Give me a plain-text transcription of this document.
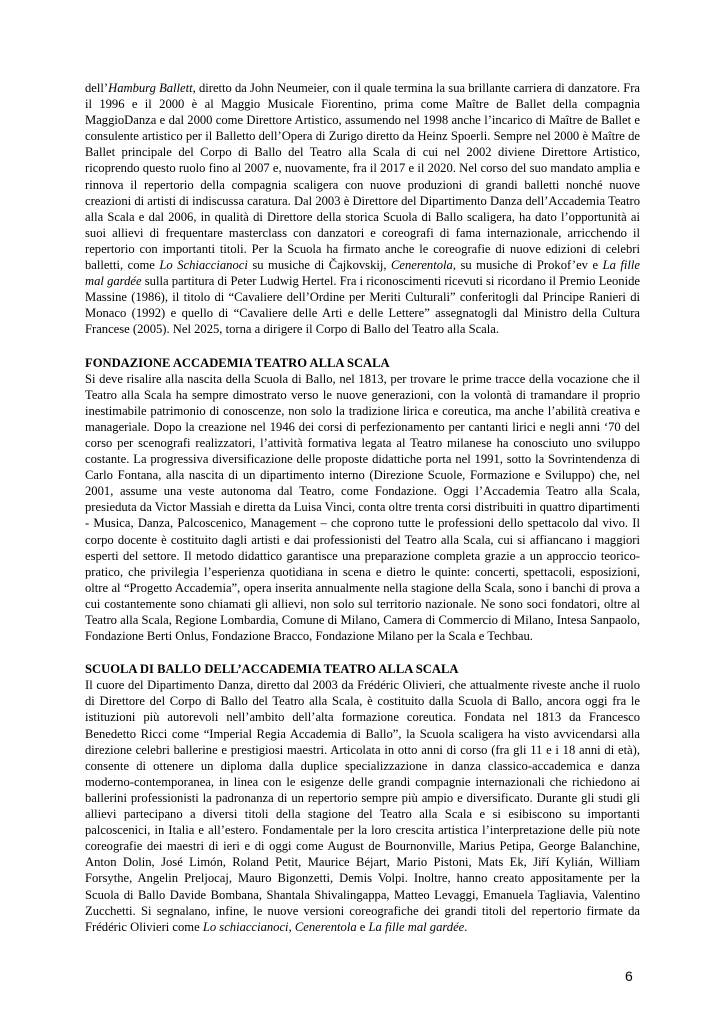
dell’Hamburg Ballett, diretto da John Neumeier, con il quale termina la sua brillante carriera di danzatore. Fra il 1996 e il 2000 è al Maggio Musicale Fiorentino, prima come Maître de Ballet della compagnia MaggioDanza e dal 2000 come Direttore Artistico, assumendo nel 1998 anche l’incarico di Maître de Ballet e consulente artistico per il Balletto dell’Opera di Zurigo diretto da Heinz Spoerli. Sempre nel 2000 è Maître de Ballet principale del Corpo di Ballo del Teatro alla Scala di cui nel 2002 diviene Direttore Artistico, ricoprendo questo ruolo fino al 2007 e, nuovamente, fra il 2017 e il 2020. Nel corso del suo mandato amplia e rinnova il repertorio della compagnia scaligera con nuove produzioni di grandi balletti nonché nuove creazioni di artisti di indiscussa caratura. Dal 2003 è Direttore del Dipartimento Danza dell’Accademia Teatro alla Scala e dal 2006, in qualità di Direttore della storica Scuola di Ballo scaligera, ha dato l’opportunità ai suoi allievi di frequentare masterclass con danzatori e coreografi di fama internazionale, arricchendo il repertorio con importanti titoli. Per la Scuola ha firmato anche le coreografie di nuove edizioni di celebri balletti, come Lo Schiaccianoci su musiche di Čajkovskij, Cenerentola, su musiche di Prokof’ev e La fille mal gardée sulla partitura di Peter Ludwig Hertel. Fra i riconoscimenti ricevuti si ricordano il Premio Leonide Massine (1986), il titolo di “Cavaliere dell’Ordine per Meriti Culturali” conferitogli dal Principe Ranieri di Monaco (1992) e quello di “Cavaliere delle Arti e delle Lettere” assegnatogli dal Ministro della Cultura Francese (2005). Nel 2025, torna a dirigere il Corpo di Ballo del Teatro alla Scala.

FONDAZIONE ACCADEMIA TEATRO ALLA SCALA

Si deve risalire alla nascita della Scuola di Ballo, nel 1813, per trovare le prime tracce della vocazione che il Teatro alla Scala ha sempre dimostrato verso le nuove generazioni, con la volontà di tramandare il proprio inestimabile patrimonio di conoscenze, non solo la tradizione lirica e coreutica, ma anche l’abilità creativa e manageriale. Dopo la creazione nel 1946 dei corsi di perfezionamento per cantanti lirici e negli anni ‘70 del corso per scenografi realizzatori, l’attività formativa legata al Teatro milanese ha conosciuto uno sviluppo costante. La progressiva diversificazione delle proposte didattiche porta nel 1991, sotto la Sovrintendenza di Carlo Fontana, alla nascita di un dipartimento interno (Direzione Scuole, Formazione e Sviluppo) che, nel 2001, assume una veste autonoma dal Teatro, come Fondazione. Oggi l’Accademia Teatro alla Scala, presieduta da Victor Massiah e diretta da Luisa Vinci, conta oltre trenta corsi distribuiti in quattro dipartimenti - Musica, Danza, Palcoscenico, Management – che coprono tutte le professioni dello spettacolo dal vivo. Il corpo docente è costituito dagli artisti e dai professionisti del Teatro alla Scala, cui si affiancano i maggiori esperti del settore. Il metodo didattico garantisce una preparazione completa grazie a un approccio teorico-pratico, che privilegia l’esperienza quotidiana in scena e dietro le quinte: concerti, spettacoli, esposizioni, oltre al “Progetto Accademia”, opera inserita annualmente nella stagione della Scala, sono i banchi di prova a cui costantemente sono chiamati gli allievi, non solo sul territorio nazionale. Ne sono soci fondatori, oltre al Teatro alla Scala, Regione Lombardia, Comune di Milano, Camera di Commercio di Milano, Intesa Sanpaolo, Fondazione Berti Onlus, Fondazione Bracco, Fondazione Milano per la Scala e Techbau.

SCUOLA DI BALLO DELL’ACCADEMIA TEATRO ALLA SCALA

Il cuore del Dipartimento Danza, diretto dal 2003 da Frédéric Olivieri, che attualmente riveste anche il ruolo di Direttore del Corpo di Ballo del Teatro alla Scala, è costituito dalla Scuola di Ballo, ancora oggi fra le istituzioni più autorevoli nell’ambito dell’alta formazione coreutica. Fondata nel 1813 da Francesco Benedetto Ricci come “Imperial Regia Accademia di Ballo”, la Scuola scaligera ha visto avvicendarsi alla direzione celebri ballerine e prestigiosi maestri. Articolata in otto anni di corso (fra gli 11 e i 18 anni di età), consente di ottenere un diploma dalla duplice specializzazione in danza classico-accademica e danza moderno-contemporanea, in linea con le esigenze delle grandi compagnie internazionali che richiedono ai ballerini professionisti la padronanza di un repertorio sempre più ampio e diversificato. Durante gli studi gli allievi partecipano a diversi titoli della stagione del Teatro alla Scala e si esibiscono su importanti palcoscenici, in Italia e all’estero. Fondamentale per la loro crescita artistica l’interpretazione delle più note coreografie dei maestri di ieri e di oggi come August de Bournonville, Marius Petipa, George Balanchine, Anton Dolin, José Limón, Roland Petit, Maurice Béjart, Mario Pistoni, Mats Ek, Jiří Kylián, William Forsythe, Angelin Preljocaj, Mauro Bigonzetti, Demis Volpi. Inoltre, hanno creato appositamente per la Scuola di Ballo Davide Bombana, Shantala Shivalingappa, Matteo Levaggi, Emanuela Tagliavia, Valentino Zucchetti. Si segnalano, infine, le nuove versioni coreografiche dei grandi titoli del repertorio firmate da Frédéric Olivieri come Lo schiaccianoci, Cenerentola e La fille mal gardée.

6
